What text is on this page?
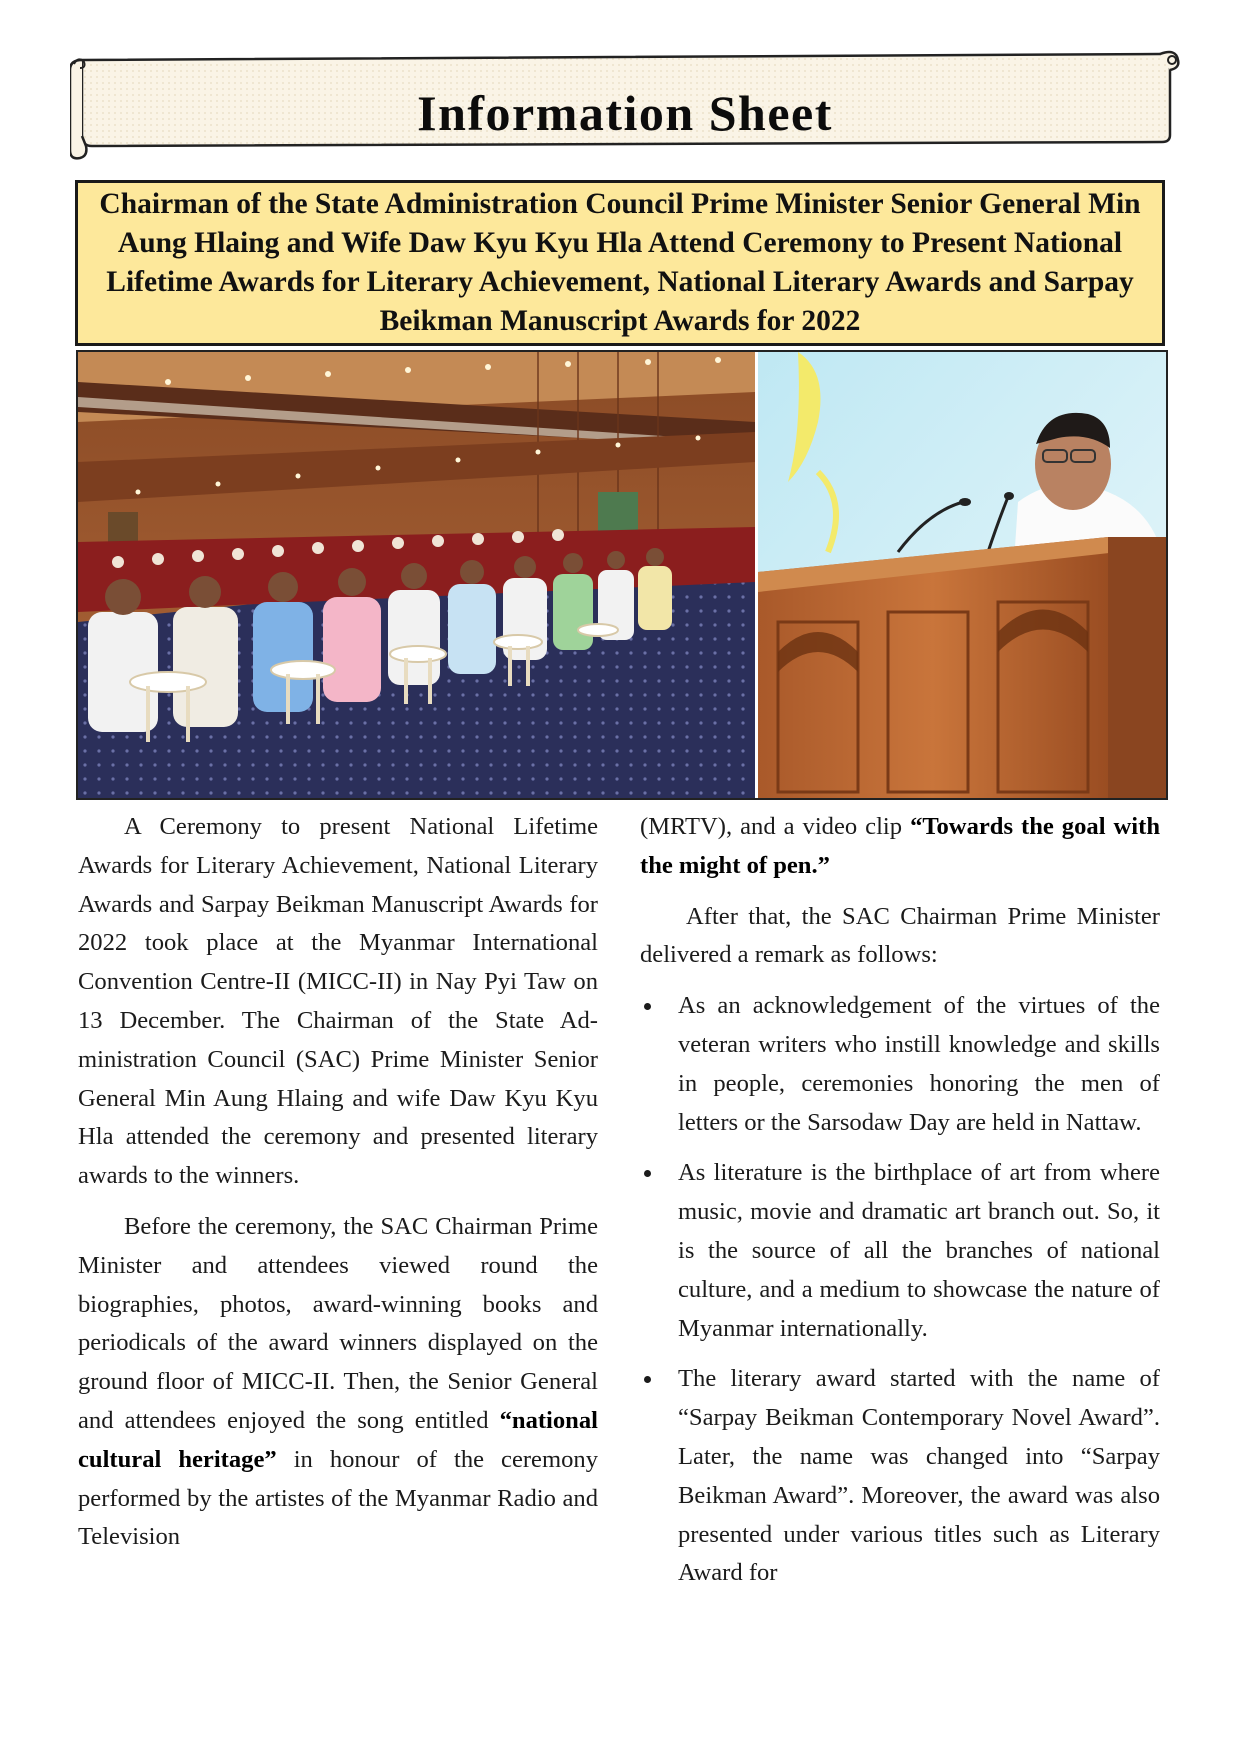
Information Sheet
Chairman of the State Administration Council Prime Minister Senior General Min Aung Hlaing and Wife Daw Kyu Kyu Hla Attend Ceremony to Present National Lifetime Awards for Literary Achievement, National Literary Awards and Sarpay Beikman Manuscript Awards for 2022

A Ceremony to present National Lifetime Awards for Literary Achievement, National Literary Awards and Sarpay Beikman Manuscript Awards for 2022 took place at the Myanmar International Convention Centre-II (MICC-II) in Nay Pyi Taw on 13 December. The Chairman of the State Administration Council (SAC) Prime Minister Senior General Min Aung Hlaing and wife Daw Kyu Kyu Hla attended the ceremony and presented literary awards to the winners.

Before the ceremony, the SAC Chairman Prime Minister and attendees viewed round the biographies, photos, award-winning books and periodicals of the award winners displayed on the ground floor of MICC-II. Then, the Senior General and attendees enjoyed the song entitled “national cultural heritage” in honour of the ceremony performed by the artistes of the Myanmar Radio and Television

(MRTV), and a video clip “Towards the goal with the might of pen.”

After that, the SAC Chairman Prime Minister delivered a remark as follows:

As an acknowledgement of the virtues of the veteran writers who instill knowledge and skills in people, ceremonies honoring the men of letters or the Sarsodaw Day are held in Nattaw.
As literature is the birthplace of art from where music, movie and dramatic art branch out. So, it is the source of all the branches of national culture, and a medium to showcase the nature of Myanmar internationally.
The literary award started with the name of “Sarpay Beikman Contemporary Novel Award”. Later, the name was changed into “Sarpay Beikman Award”. Moreover, the award was also presented under various titles such as Literary Award for
